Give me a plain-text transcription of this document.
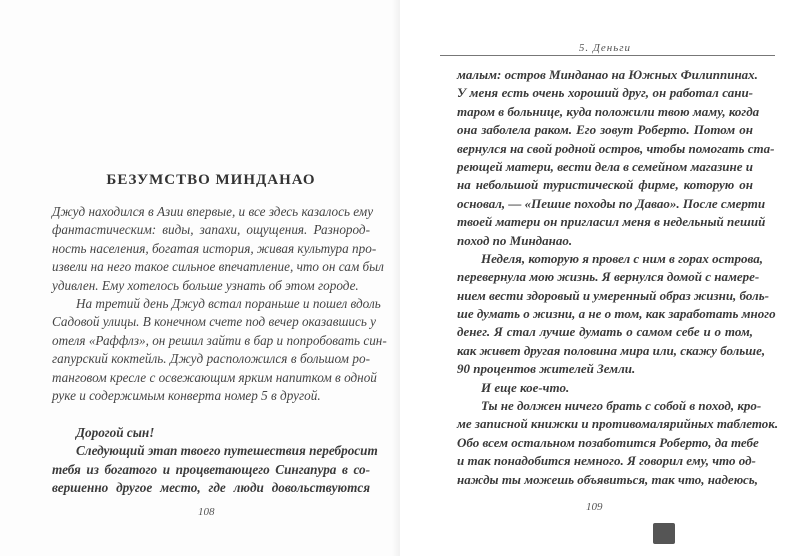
БЕЗУМСТВО МИНДАНАО
Джуд находился в Азии впервые, и все здесь казалось ему
фантастическим: виды, запахи, ощущения. Разнород-
ность населения, богатая история, живая культура про-
извели на него такое сильное впечатление, что он сам был
удивлен. Ему хотелось больше узнать об этом городе.
На третий день Джуд встал пораньше и пошел вдоль
Садовой улицы. В конечном счете под вечер оказавшись у
отеля «Раффлз», он решил зайти в бар и попробовать син-
гапурский коктейль. Джуд расположился в большом ро-
танговом кресле с освежающим ярким напитком в одной
руке и содержимым конверта номер 5 в другой.
Дорогой сын!
Следующий этап твоего путешествия перебросит
тебя из богатого и процветающего Сингапура в со-
вершенно другое место, где люди довольствуются
108
5. Деньги
малым: остров Минданао на Южных Филиппинах.
У меня есть очень хороший друг, он работал сани-
таром в больнице, куда положили твою маму, когда
она заболела раком. Его зовут Роберто. Потом он
вернулся на свой родной остров, чтобы помогать ста-
реющей матери, вести дела в семейном магазине и
на небольшой туристической фирме, которую он
основал, — «Пешие походы по Давао». После смерти
твоей матери он пригласил меня в недельный пеший
поход по Минданао.
Неделя, которую я провел с ним в горах острова,
перевернула мою жизнь. Я вернулся домой с намере-
нием вести здоровый и умеренный образ жизни, боль-
ше думать о жизни, а не о том, как заработать много
денег. Я стал лучше думать о самом себе и о том,
как живет другая половина мира или, скажу больше,
90 процентов жителей Земли.
И еще кое-что.
Ты не должен ничего брать с собой в поход, кро-
ме записной книжки и противомалярийных таблеток.
Обо всем остальном позаботится Роберто, да тебе
и так понадобится немного. Я говорил ему, что од-
нажды ты можешь объявиться, так что, надеюсь,
109
